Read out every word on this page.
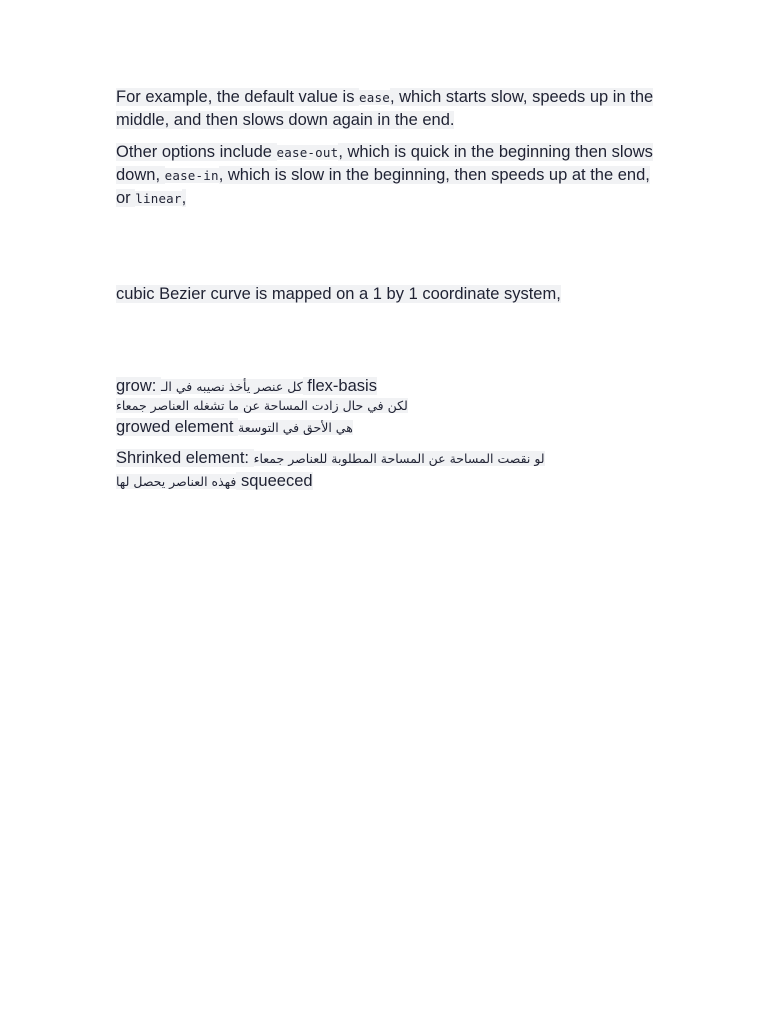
For example, the default value is ease, which starts slow, speeds up in the middle, and then slows down again in the end.

Other options include ease-out, which is quick in the beginning then slows down, ease-in, which is slow in the beginning, then speeds up at the end, or linear,

cubic Bezier curve is mapped on a 1 by 1 coordinate system,

grow: كل عنصر يأخذ نصيبه في الـ flex-basis

لكن في حال زادت المساحة عن ما تشغله العناصر جمعاء

growed element هي الأحق في التوسعة

Shrinked element: لو نقصت المساحة عن المساحة المطلوبة للعناصر جمعاء

فهذه العناصر يحصل لها squeeced
